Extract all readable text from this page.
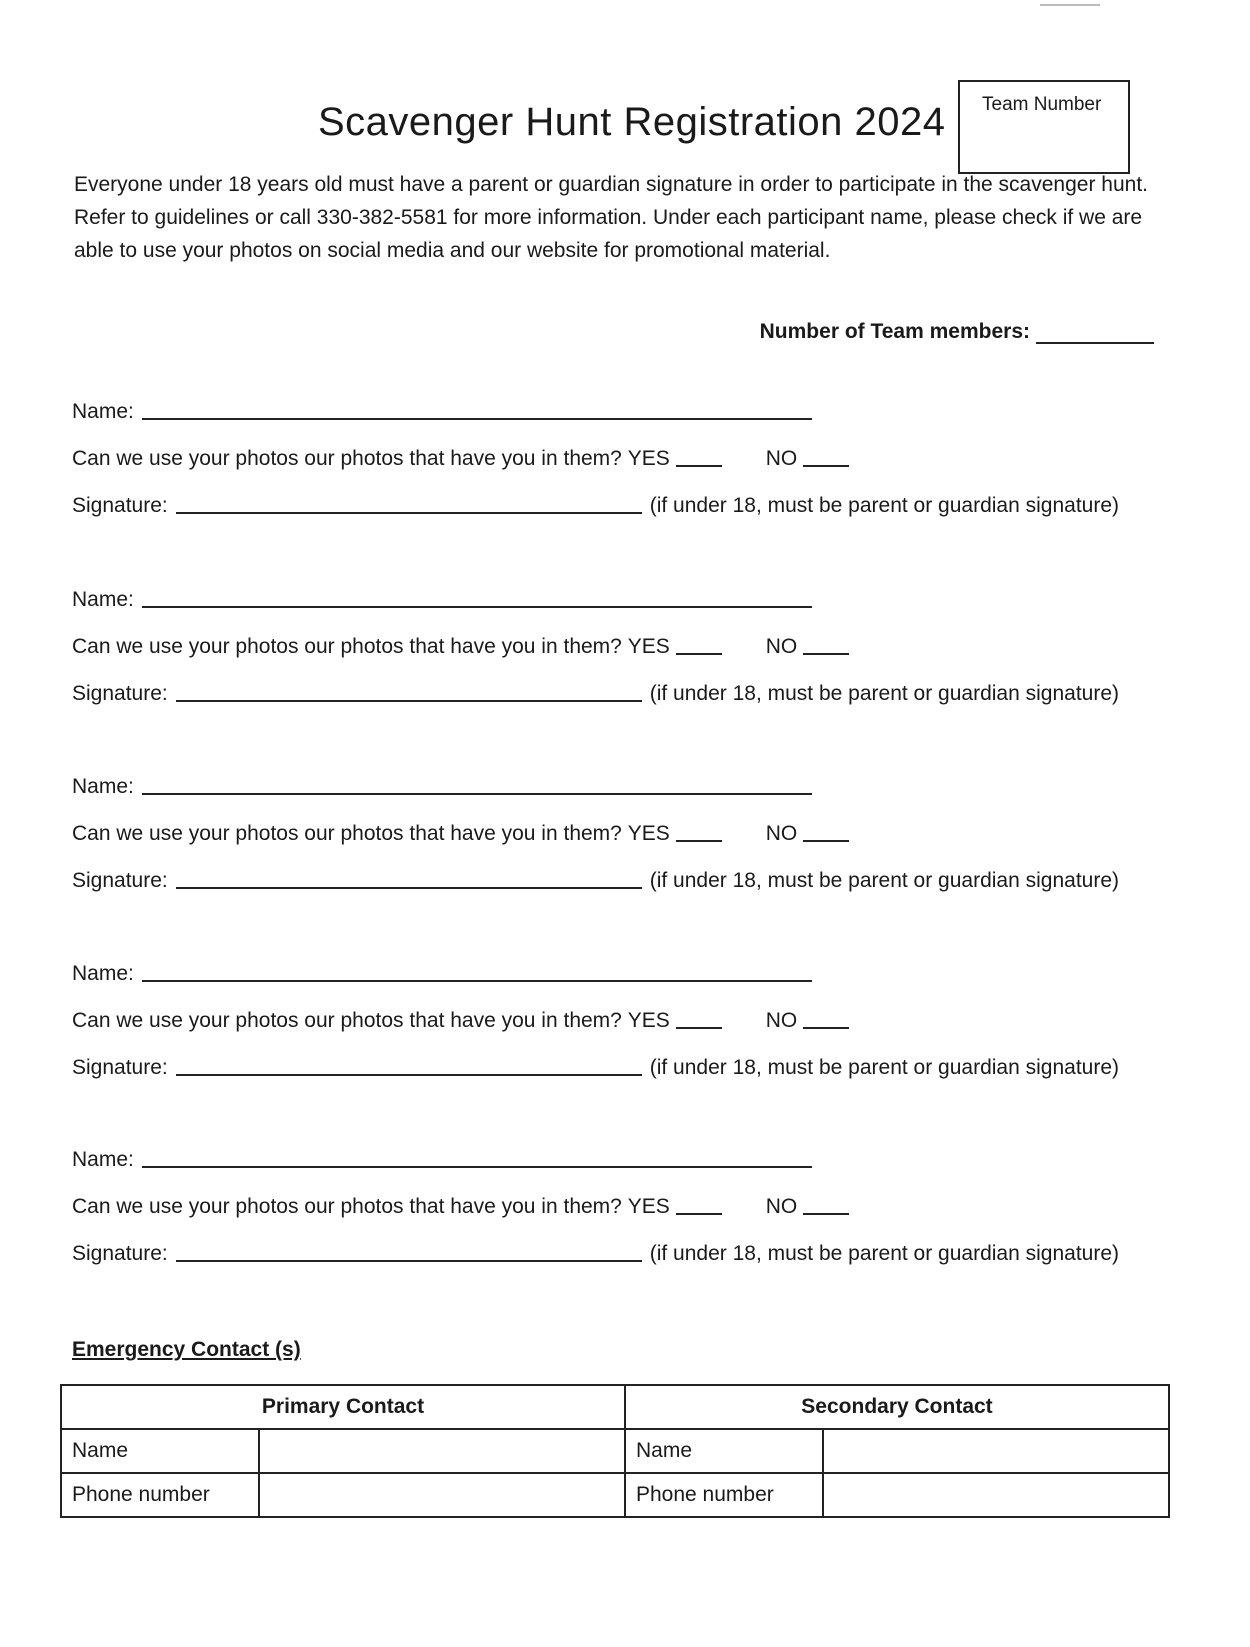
Scavenger Hunt Registration 2024 Team Number
Everyone under 18 years old must have a parent or guardian signature in order to participate in the scavenger hunt. Refer to guidelines or call 330-382-5581 for more information. Under each participant name, please check if we are able to use your photos on social media and our website for promotional material.
Number of Team members:
Name:
Can we use your photos our photos that have you in them?
YES	NO
Signature:	(if under 18, must be parent or guardian signature)
Name:
Can we use your photos our photos that have you in them?
YES	NO
Signature:	(if under 18, must be parent or guardian signature)
Name:
Can we use your photos our photos that have you in them?
YES	NO
Signature:	(if under 18, must be parent or guardian signature)
Name:
Can we use your photos our photos that have you in them?
YES	NO
Signature:	(if under 18, must be parent or guardian signature)
Name:
Can we use your photos our photos that have you in them?
YES	NO
Signature:	(if under 18, must be parent or guardian signature)
Emergency Contact (s)
Primary Contact		Secondary Contact	
Name		Name	
Phone number		Phone number	
